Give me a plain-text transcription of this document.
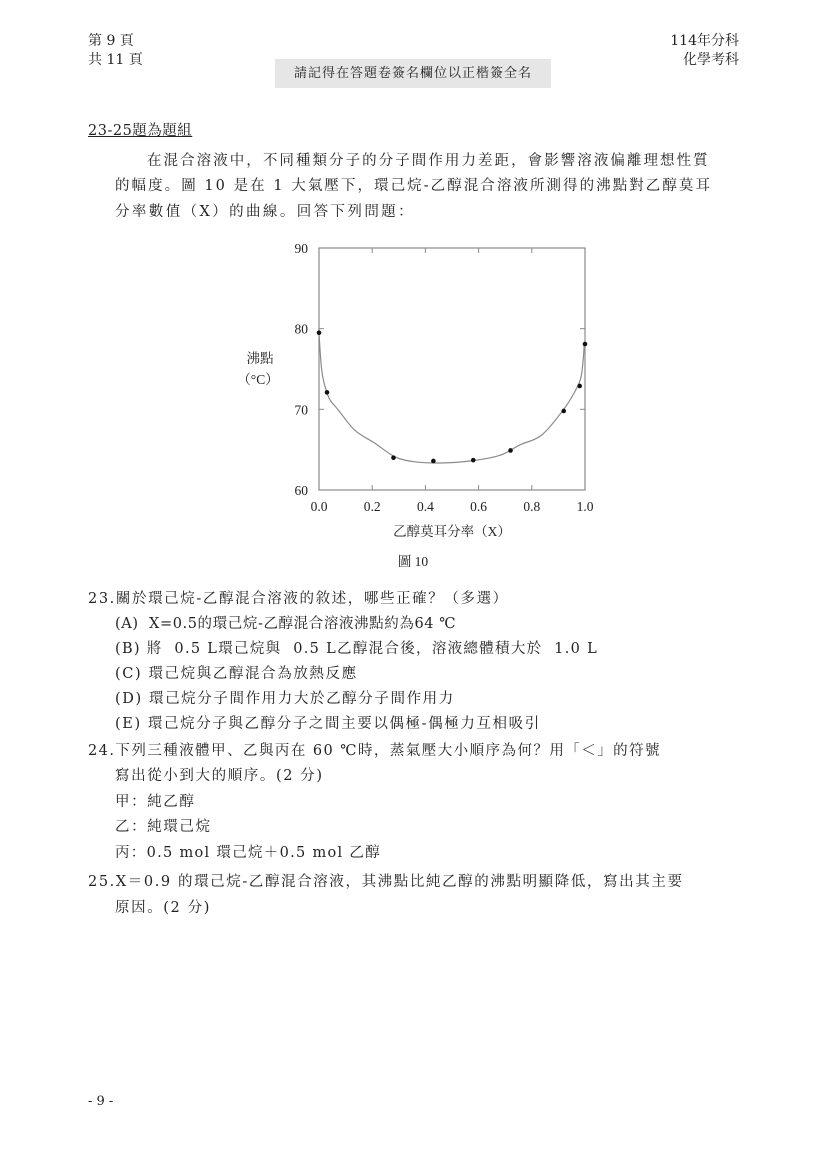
第 9 頁
共 11 頁
請記得在答題卷簽名欄位以正楷簽全名
114年分科
化學考科
23-25題為題組
在混合溶液中，不同種類分子的分子間作用力差距，會影響溶液偏離理想性質
的幅度。圖 10 是在 1 大氣壓下，環己烷-乙醇混合溶液所測得的沸點對乙醇莫耳
分率數值（X）的曲線。回答下列問題：
0.0	0.2	0.4	0.6	0.8	1.0
60
70
80
90
沸點
（°C）
乙醇莫耳分率（X）
圖 10
23.關於環己烷-乙醇混合溶液的敘述，哪些正確？（多選）
(A) X=0.5的環己烷-乙醇混合溶液沸點約為64 ℃
(B) 將  0.5 L環己烷與  0.5 L乙醇混合後，溶液總體積大於  1.0 L
(C) 環己烷與乙醇混合為放熱反應
(D) 環己烷分子間作用力大於乙醇分子間作用力
(E) 環己烷分子與乙醇分子之間主要以偶極-偶極力互相吸引
24.下列三種液體甲、乙與丙在 60 ℃時，蒸氣壓大小順序為何？用「＜」的符號
寫出從小到大的順序。(2 分)
甲：純乙醇
乙：純環己烷
丙：0.5 mol 環己烷＋0.5 mol 乙醇
25.X＝0.9 的環己烷-乙醇混合溶液，其沸點比純乙醇的沸點明顯降低，寫出其主要
原因。(2 分)
- 9 -
